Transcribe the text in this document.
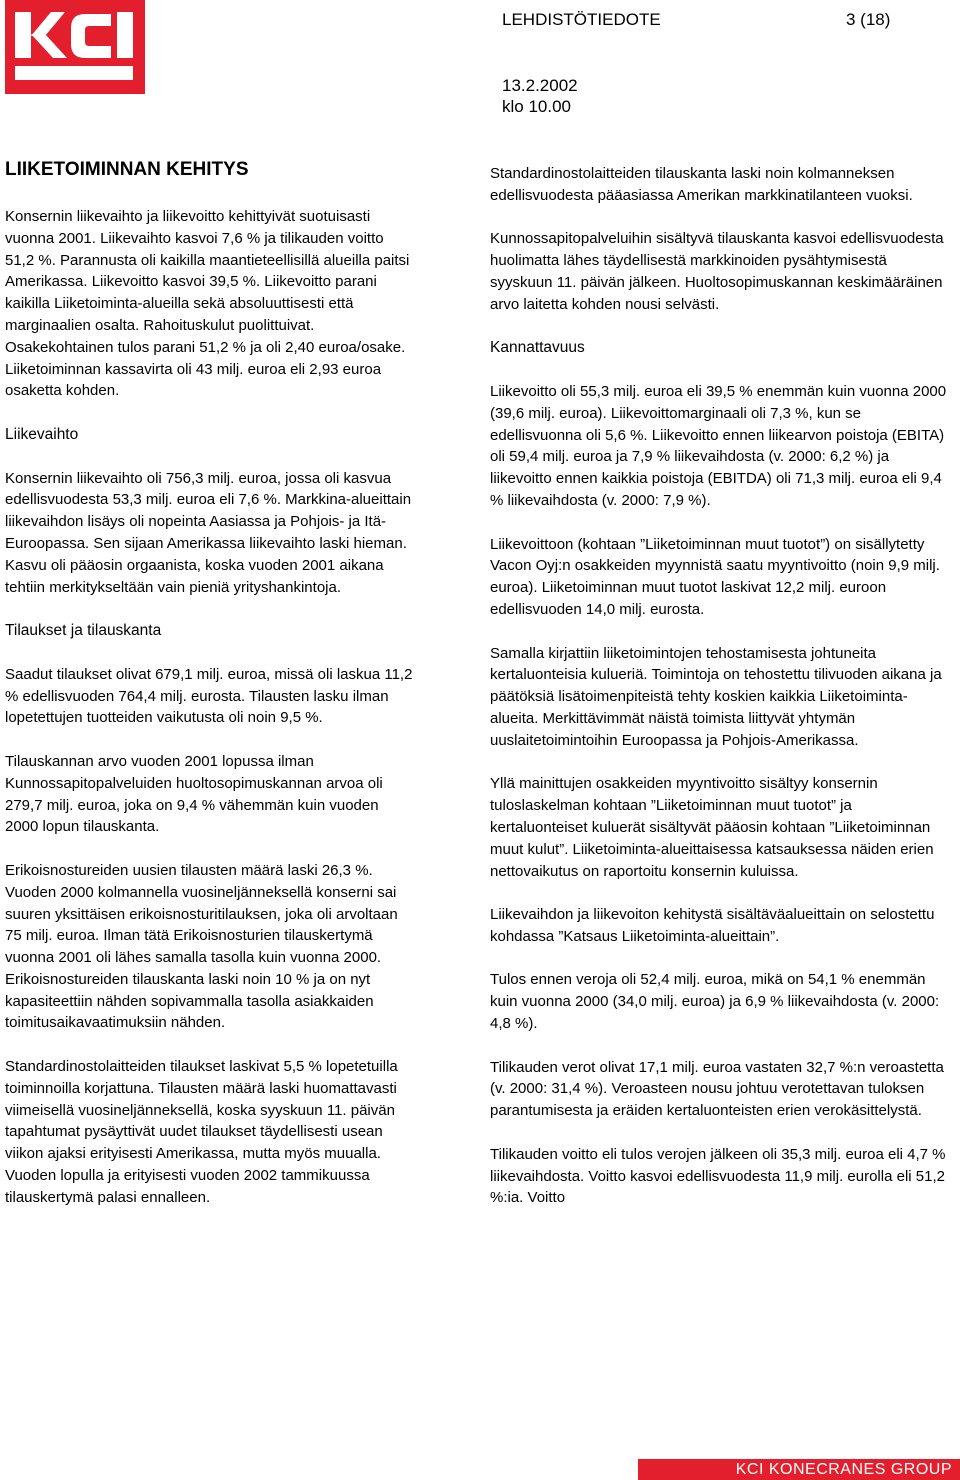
LEHDISTÖTIEDOTE	3 (18)
13.2.2002
klo 10.00
LIIKETOIMINNAN KEHITYS

Konsernin liikevaihto ja liikevoitto kehittyivät suotuisasti vuonna 2001. Liikevaihto kasvoi 7,6 % ja tilikauden voitto 51,2 %. Parannusta oli kaikilla maantieteellisillä alueilla paitsi Amerikassa. Liikevoitto kasvoi 39,5 %. Liikevoitto parani kaikilla Liiketoiminta-alueilla sekä absoluuttisesti että marginaalien osalta. Rahoituskulut puolittuivat. Osakekohtainen tulos parani 51,2 % ja oli 2,40 euroa/osake. Liiketoiminnan kassavirta oli 43 milj. euroa eli 2,93 euroa osaketta kohden.

Liikevaihto

Konsernin liikevaihto oli 756,3 milj. euroa, jossa oli kasvua edellisvuodesta 53,3 milj. euroa eli 7,6 %. Markkina-alueittain liikevaihdon lisäys oli nopeinta Aasiassa ja Pohjois- ja Itä-Euroopassa. Sen sijaan Amerikassa liikevaihto laski hieman. Kasvu oli pääosin orgaanista, koska vuoden 2001 aikana tehtiin merkitykseltään vain pieniä yrityshankintoja.

Tilaukset ja tilauskanta

Saadut tilaukset olivat 679,1 milj. euroa, missä oli laskua 11,2 % edellisvuoden 764,4 milj. eurosta. Tilausten lasku ilman lopetettujen tuotteiden vaikutusta oli noin 9,5 %.

Tilauskannan arvo vuoden 2001 lopussa ilman Kunnossapitopalveluiden huoltosopimuskannan arvoa oli 279,7 milj. euroa, joka on 9,4 % vähemmän kuin vuoden 2000 lopun tilauskanta.

Erikoisnostureiden uusien tilausten määrä laski 26,3 %. Vuoden 2000 kolmannella vuosineljänneksellä konserni sai suuren yksittäisen erikoisnosturitilauksen, joka oli arvoltaan 75 milj. euroa. Ilman tätä Erikoisnosturien tilauskertymä vuonna 2001 oli lähes samalla tasolla kuin vuonna 2000. Erikoisnostureiden tilauskanta laski noin 10 % ja on nyt kapasiteettiin nähden sopivammalla tasolla asiakkaiden toimitusaikavaatimuksiin nähden.

Standardinostolaitteiden tilaukset laskivat 5,5 % lopetetuilla toiminnoilla korjattuna. Tilausten määrä laski huomattavasti viimeisellä vuosineljänneksellä, koska syyskuun 11. päivän tapahtumat pysäyttivät uudet tilaukset täydellisesti usean viikon ajaksi erityisesti Amerikassa, mutta myös muualla. Vuoden lopulla ja erityisesti vuoden 2002 tammikuussa tilauskertymä palasi ennalleen.

Standardinostolaitteiden tilauskanta laski noin kolmanneksen edellisvuodesta pääasiassa Amerikan markkinatilanteen vuoksi.

Kunnossapitopalveluihin sisältyvä tilauskanta kasvoi edellisvuodesta huolimatta lähes täydellisestä markkinoiden pysähtymisestä syyskuun 11. päivän jälkeen. Huoltosopimuskannan keskimääräinen arvo laitetta kohden nousi selvästi.

Kannattavuus

Liikevoitto oli 55,3 milj. euroa eli 39,5 % enemmän kuin vuonna 2000 (39,6 milj. euroa). Liikevoittomarginaali oli 7,3 %, kun se edellisvuonna oli 5,6 %. Liikevoitto ennen liikearvon poistoja (EBITA) oli 59,4 milj. euroa ja 7,9 % liikevaihdosta (v. 2000: 6,2 %) ja liikevoitto ennen kaikkia poistoja (EBITDA) oli 71,3 milj. euroa eli 9,4 % liikevaihdosta (v. 2000: 7,9 %).

Liikevoittoon (kohtaan ”Liiketoiminnan muut tuotot”) on sisällytetty Vacon Oyj:n osakkeiden myynnistä saatu myyntivoitto (noin 9,9 milj. euroa). Liiketoiminnan muut tuotot laskivat 12,2 milj. euroon edellisvuoden 14,0 milj. eurosta.

Samalla kirjattiin liiketoimintojen tehostamisesta johtuneita kertaluonteisia kulueriä. Toimintoja on tehostettu tilivuoden aikana ja päätöksiä lisätoimenpiteistä tehty koskien kaikkia Liiketoiminta-alueita. Merkittävimmät näistä toimista liittyvät yhtymän uuslaitetoimintoihin Euroopassa ja Pohjois-Amerikassa.

Yllä mainittujen osakkeiden myyntivoitto sisältyy konsernin tuloslaskelman kohtaan ”Liiketoiminnan muut tuotot” ja kertaluonteiset kuluerät sisältyvät pääosin kohtaan ”Liiketoiminnan muut kulut”. Liiketoiminta-alueittaisessa katsauksessa näiden erien nettovaikutus on raportoitu konsernin kuluissa.

Liikevaihdon ja liikevoiton kehitystä sisältäväalueittain on selostettu kohdassa ”Katsaus Liiketoiminta-alueittain”.

Tulos ennen veroja oli 52,4 milj. euroa, mikä on 54,1 % enemmän kuin vuonna 2000 (34,0 milj. euroa) ja 6,9 % liikevaihdosta (v. 2000: 4,8 %).

Tilikauden verot olivat 17,1 milj. euroa vastaten 32,7 %:n veroastetta (v. 2000: 31,4 %). Veroasteen nousu johtuu verotettavan tuloksen parantumisesta ja eräiden kertaluonteisten erien verokäsittelystä.

Tilikauden voitto eli tulos verojen jälkeen oli 35,3 milj. euroa eli 4,7 % liikevaihdosta. Voitto kasvoi edellisvuodesta 11,9 milj. eurolla eli 51,2 %:ia. Voitto

KCI KONECRANES GROUP
